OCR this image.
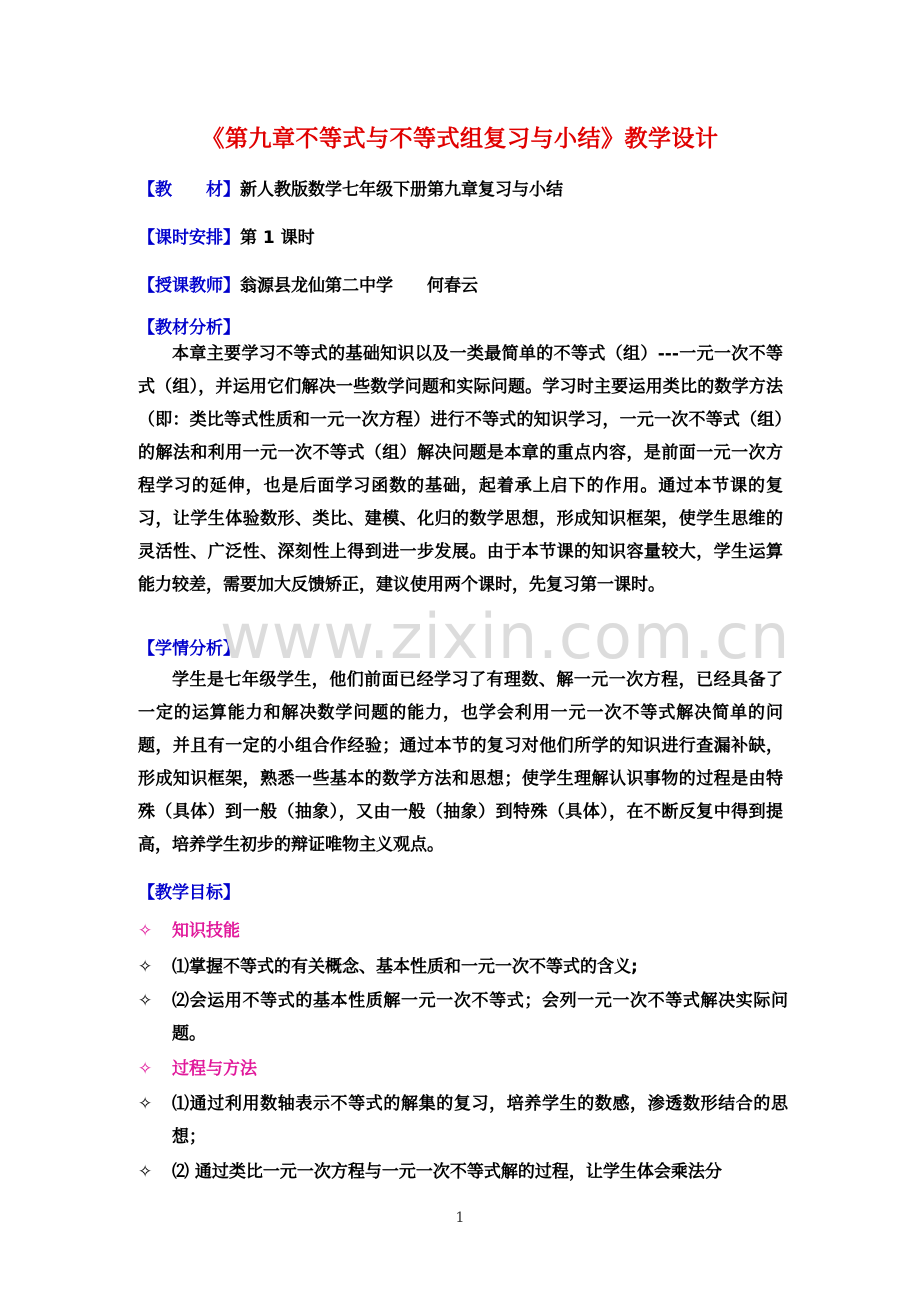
《第九章不等式与不等式组复习与小结》教学设计
【教　　材】新人教版数学七年级下册第九章复习与小结
【课时安排】第 1 课时
【授课教师】翁源县龙仙第二中学　　何春云
【教材分析】
本章主要学习不等式的基础知识以及一类最简单的不等式（组）---一元一次不等式（组），并运用它们解决一些数学问题和实际问题。学习时主要运用类比的数学方法（即：类比等式性质和一元一次方程）进行不等式的知识学习，一元一次不等式（组）的解法和利用一元一次不等式（组）解决问题是本章的重点内容，是前面一元一次方程学习的延伸，也是后面学习函数的基础，起着承上启下的作用。通过本节课的复习，让学生体验数形、类比、建模、化归的数学思想，形成知识框架，使学生思维的灵活性、广泛性、深刻性上得到进一步发展。由于本节课的知识容量较大，学生运算能力较差，需要加大反馈矫正，建议使用两个课时，先复习第一课时。
【学情分析】
学生是七年级学生，他们前面已经学习了有理数、解一元一次方程，已经具备了一定的运算能力和解决数学问题的能力，也学会利用一元一次不等式解决简单的问题，并且有一定的小组合作经验；通过本节的复习对他们所学的知识进行查漏补缺，形成知识框架，熟悉一些基本的数学方法和思想；使学生理解认识事物的过程是由特殊（具体）到一般（抽象），又由一般（抽象）到特殊（具体），在不断反复中得到提高，培养学生初步的辩证唯物主义观点。
【教学目标】
✧ 知识技能
✧ ⑴掌握不等式的有关概念、基本性质和一元一次不等式的含义;
✧ ⑵会运用不等式的基本性质解一元一次不等式；会列一元一次不等式解决实际问题。
✧ 过程与方法
✧ ⑴通过利用数轴表示不等式的解集的复习，培养学生的数感，渗透数形结合的思想；
✧ ⑵ 通过类比一元一次方程与一元一次不等式解的过程，让学生体会乘法分
www.zixin.com.cn
1
